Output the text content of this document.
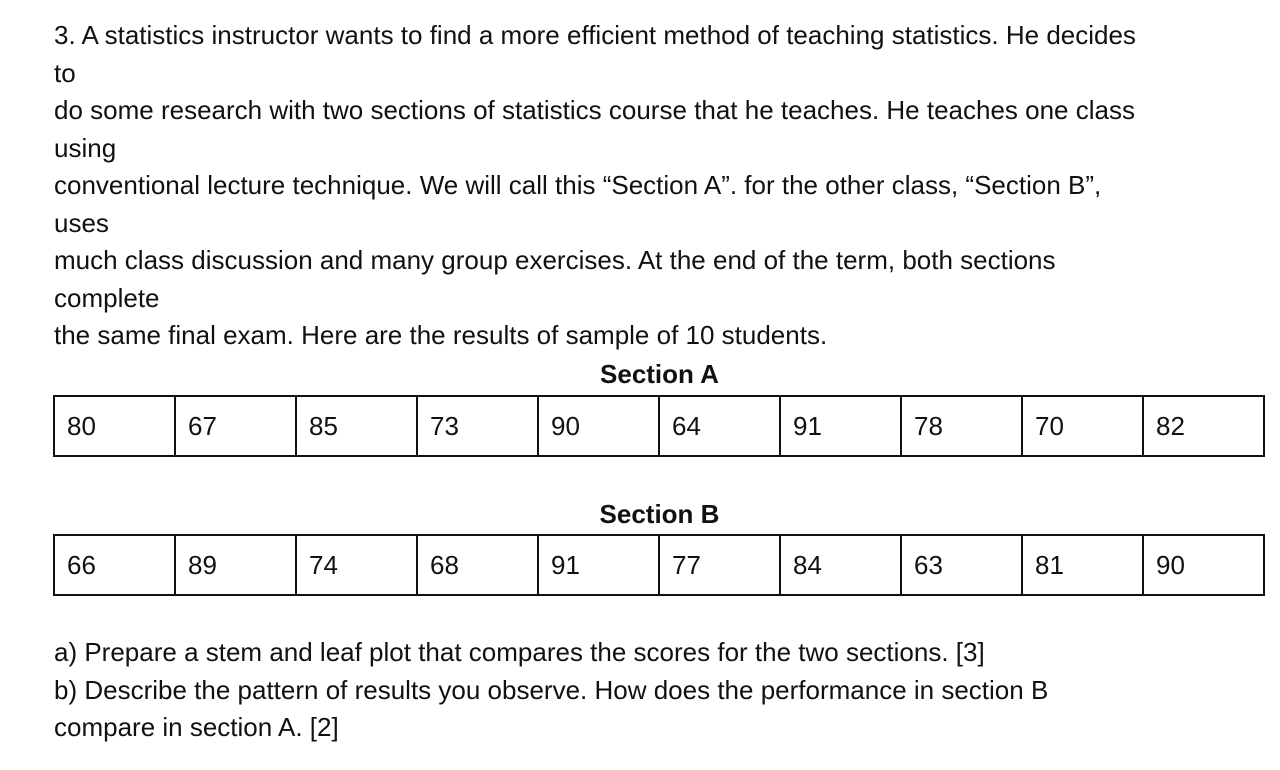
3. A statistics instructor wants to find a more efficient method of teaching statistics. He decides

to

do some research with two sections of statistics course that he teaches. He teaches one class

using

conventional lecture technique. We will call this “Section A”. for the other class, “Section B”,

uses

much class discussion and many group exercises. At the end of the term, both sections

complete

the same final exam. Here are the results of sample of 10 students.

Section A
80	67	85	73	90	64	91	78	70	82
Section B
66	89	74	68	91	77	84	63	81	90

a) Prepare a stem and leaf plot that compares the scores for the two sections. [3]

b) Describe the pattern of results you observe. How does the performance in section B

compare in section A. [2]
